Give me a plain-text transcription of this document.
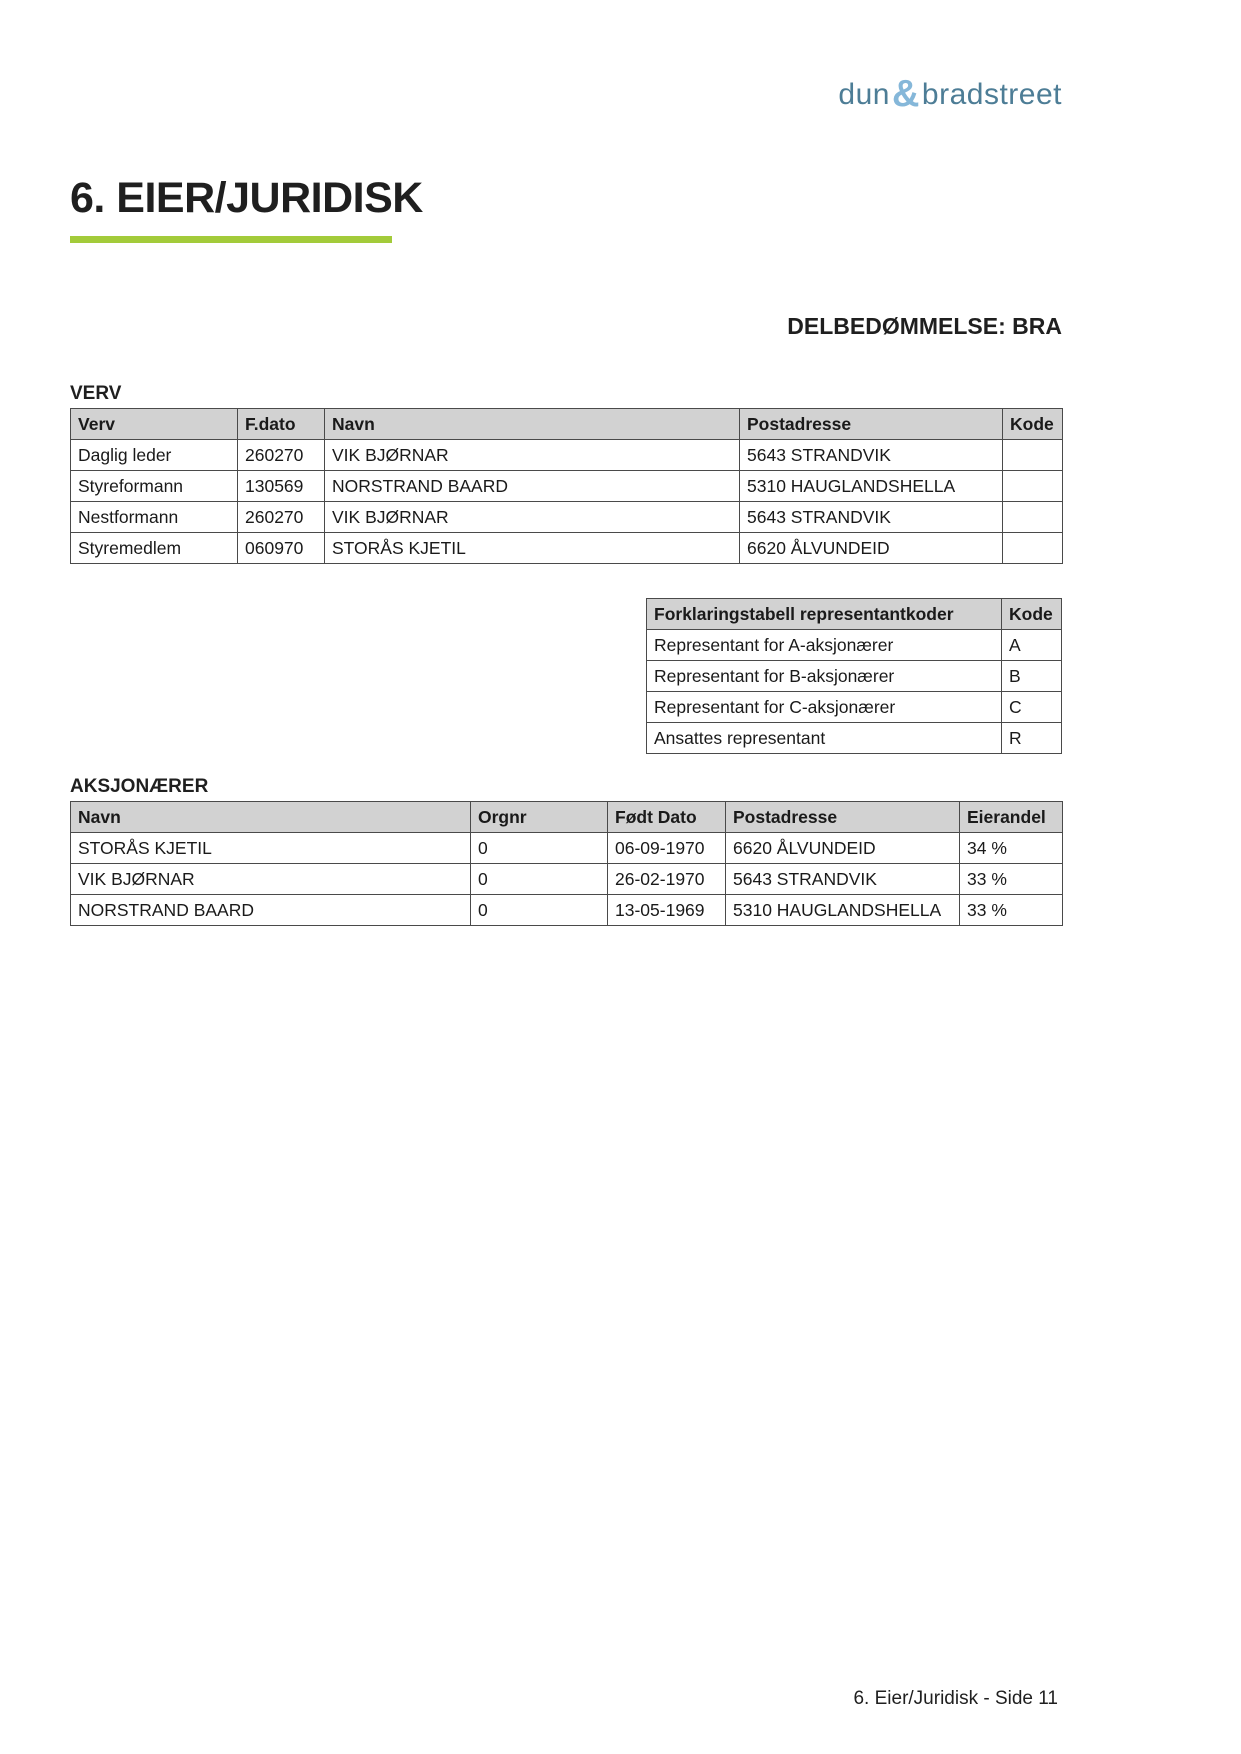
dun&bradstreet
6. EIER/JURIDISK
DELBEDØMMELSE: BRA
VERV
Verv	F.dato	Navn	Postadresse	Kode
Daglig leder	260270	VIK BJØRNAR	5643 STRANDVIK	
Styreformann	130569	NORSTRAND BAARD	5310 HAUGLANDSHELLA	
Nestformann	260270	VIK BJØRNAR	5643 STRANDVIK	
Styremedlem	060970	STORÅS KJETIL	6620 ÅLVUNDEID	
Forklaringstabell representantkoder	Kode
Representant for A-aksjonærer	A
Representant for B-aksjonærer	B
Representant for C-aksjonærer	C
Ansattes representant	R
AKSJONÆRER
Navn	Orgnr	Født Dato	Postadresse	Eierandel
STORÅS KJETIL	0	06-09-1970	6620 ÅLVUNDEID	34 %
VIK BJØRNAR	0	26-02-1970	5643 STRANDVIK	33 %
NORSTRAND BAARD	0	13-05-1969	5310 HAUGLANDSHELLA	33 %
6. Eier/Juridisk - Side 11
